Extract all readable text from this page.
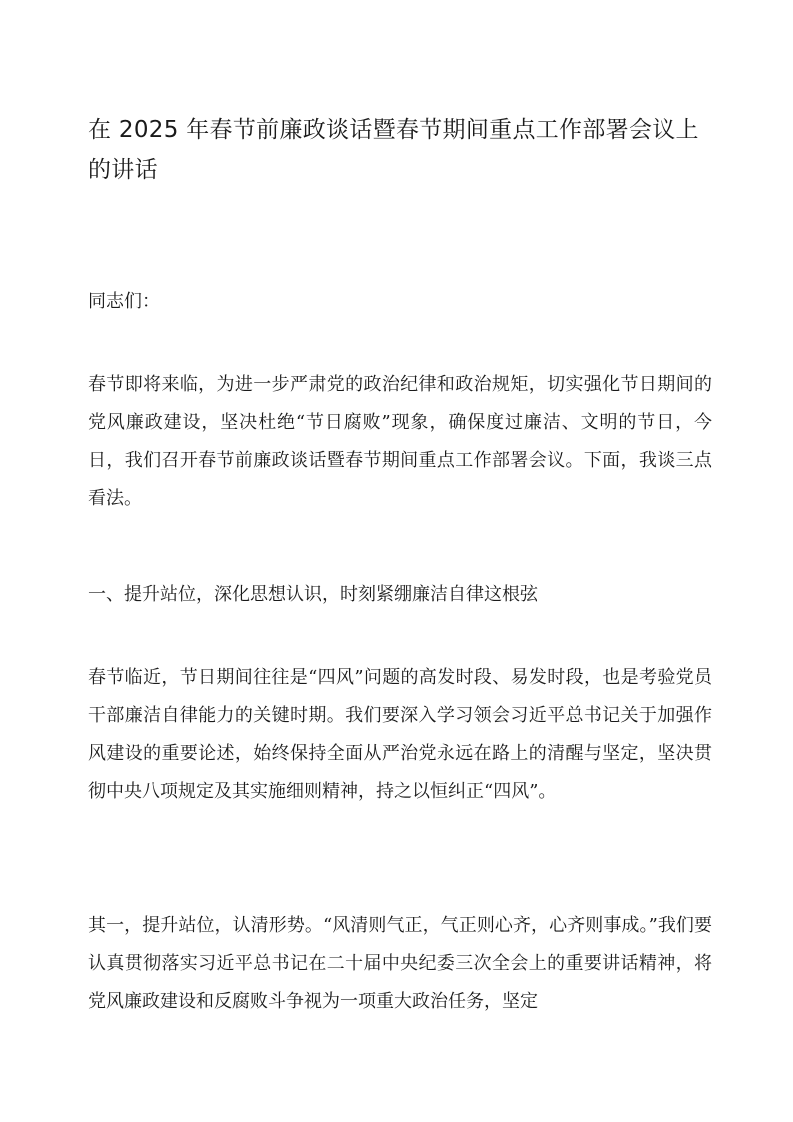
在 2025 年春节前廉政谈话暨春节期间重点工作部署会议上的讲话

同志们：

春节即将来临，为进一步严肃党的政治纪律和政治规矩，切实强化节日期间的党风廉政建设，坚决杜绝“节日腐败”现象，确保度过廉洁、文明的节日，今日，我们召开春节前廉政谈话暨春节期间重点工作部署会议。下面，我谈三点看法。

一、提升站位，深化思想认识，时刻紧绷廉洁自律这根弦

春节临近，节日期间往往是“四风”问题的高发时段、易发时段，也是考验党员干部廉洁自律能力的关键时期。我们要深入学习领会习近平总书记关于加强作风建设的重要论述，始终保持全面从严治党永远在路上的清醒与坚定，坚决贯彻中央八项规定及其实施细则精神，持之以恒纠正“四风”。

其一，提升站位，认清形势。“风清则气正，气正则心齐，心齐则事成。”我们要认真贯彻落实习近平总书记在二十届中央纪委三次全会上的重要讲话精神，将党风廉政建设和反腐败斗争视为一项重大政治任务，坚定
